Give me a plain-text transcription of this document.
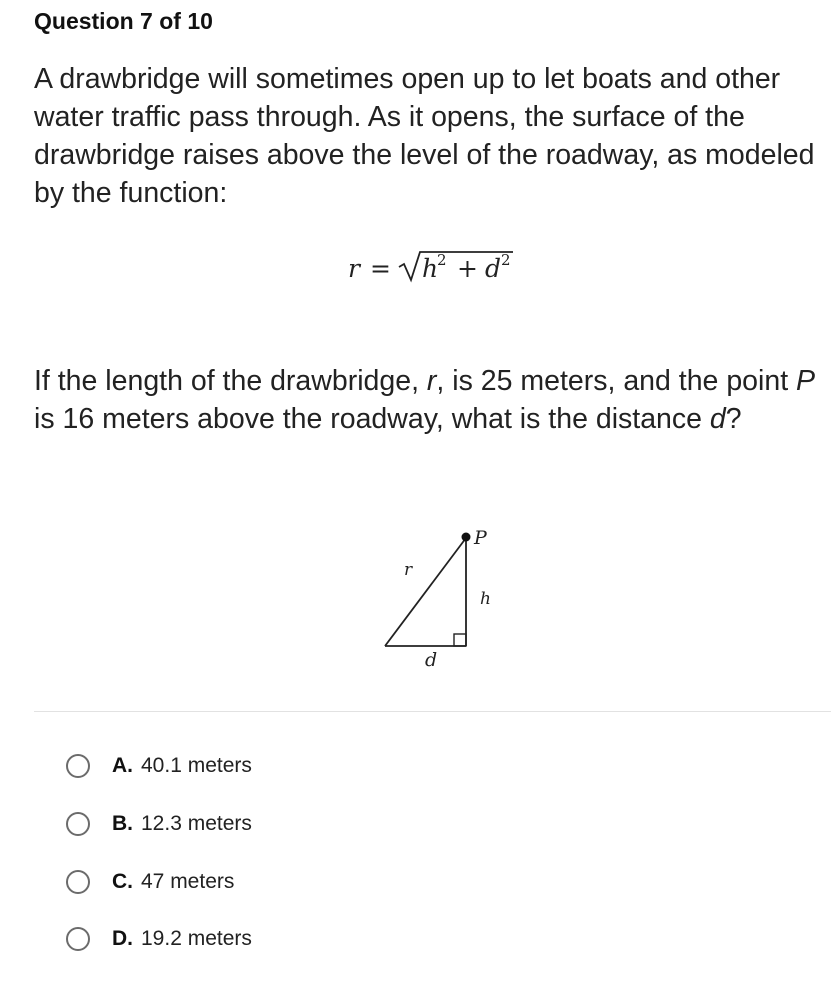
Question 7 of 10
A drawbridge will sometimes open up to let boats and other water traffic pass through. As it opens, the surface of the drawbridge raises above the level of the roadway, as modeled by the function:
r = h
2 + d 2
If the length of the drawbridge, r, is 25 meters, and the point P is 16 meters above the roadway, what is the distance d?
P
r
h
d
A. 40.1 meters
B. 12.3 meters
C. 47 meters
D. 19.2 meters
